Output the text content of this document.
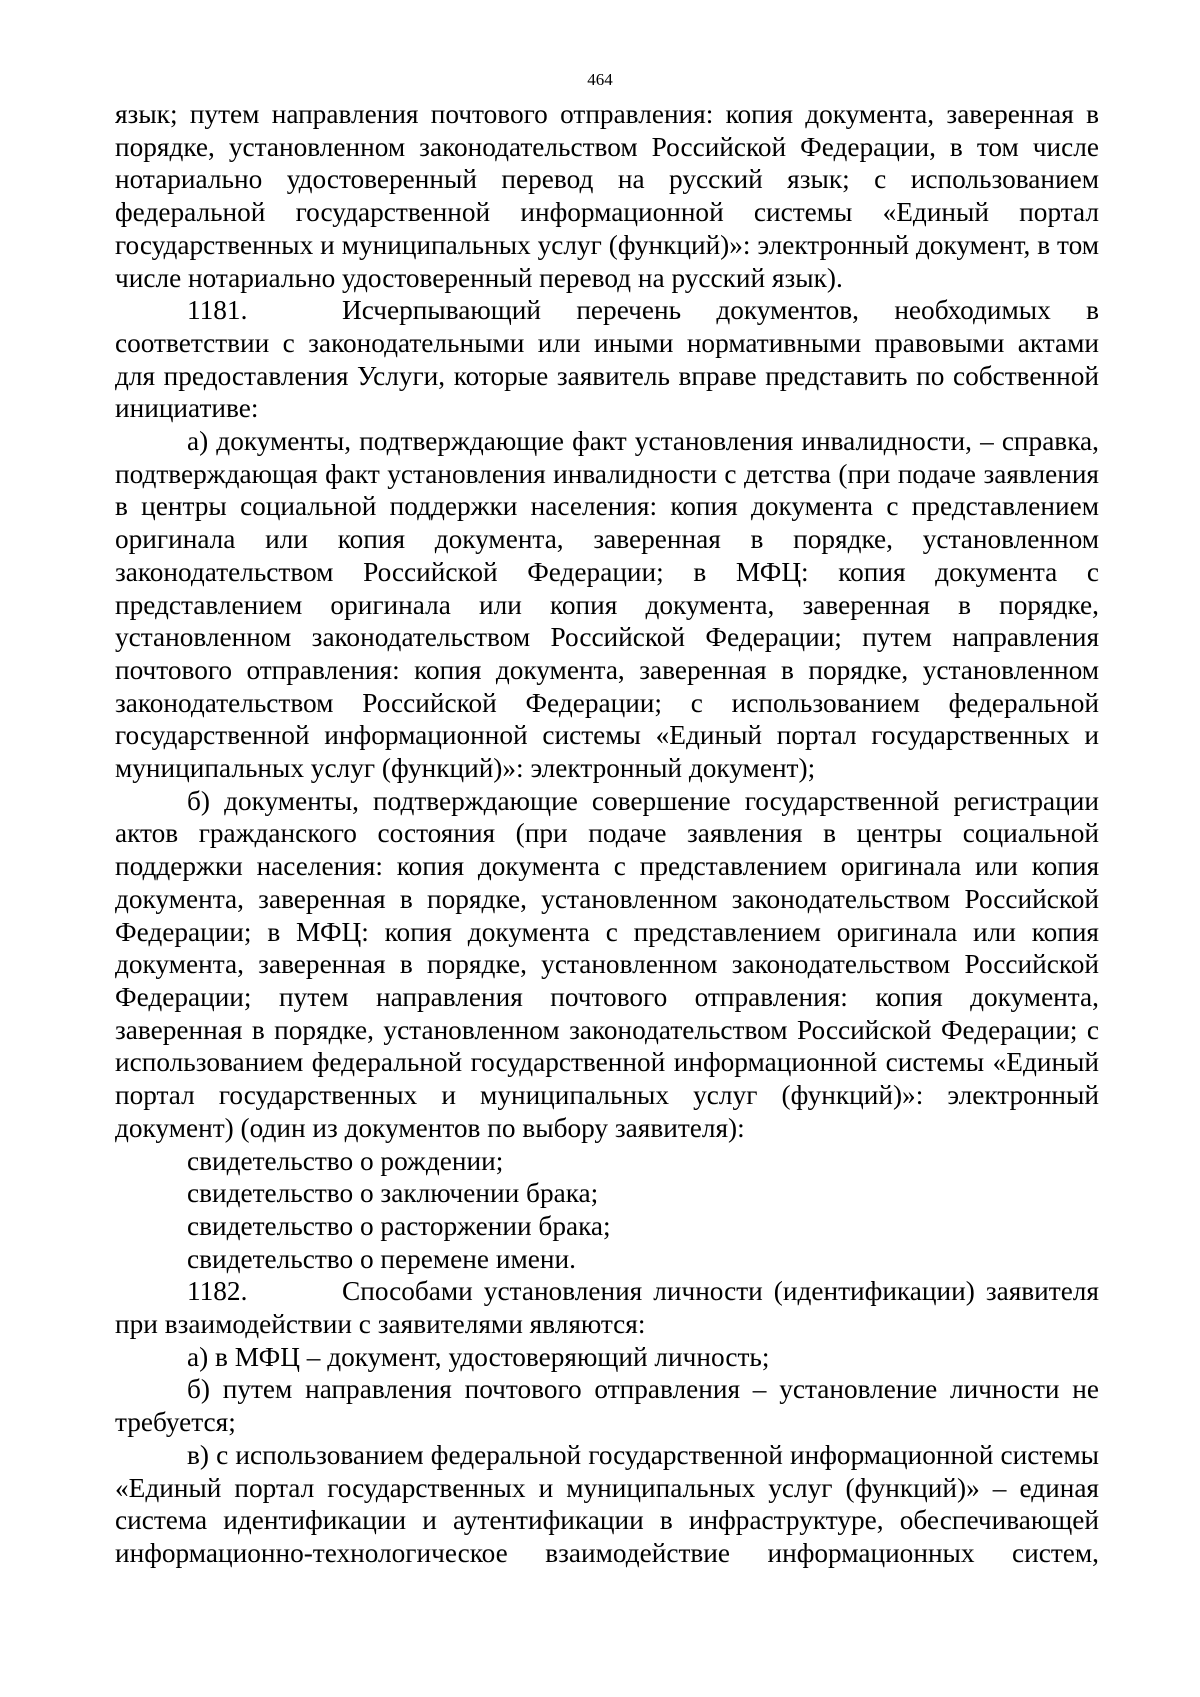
464

язык; путем направления почтового отправления: копия документа, заверенная в порядке, установленном законодательством Российской Федерации, в том числе нотариально удостоверенный перевод на русский язык; с использованием федеральной государственной информационной системы «Единый портал государственных и муниципальных услуг (функций)»: электронный документ, в том числе нотариально удостоверенный перевод на русский язык).

1181.	Исчерпывающий перечень документов, необходимых в соответствии с законодательными или иными нормативными правовыми актами для предоставления Услуги, которые заявитель вправе представить по собственной инициативе:

а) документы, подтверждающие факт установления инвалидности, – справка, подтверждающая факт установления инвалидности с детства (при подаче заявления в центры социальной поддержки населения: копия документа с представлением оригинала или копия документа, заверенная в порядке, установленном законодательством Российской Федерации; в МФЦ: копия документа с представлением оригинала или копия документа, заверенная в порядке, установленном законодательством Российской Федерации; путем направления почтового отправления: копия документа, заверенная в порядке, установленном законодательством Российской Федерации; с использованием федеральной государственной информационной системы «Единый портал государственных и муниципальных услуг (функций)»: электронный документ);

б) документы, подтверждающие совершение государственной регистрации актов гражданского состояния (при подаче заявления в центры социальной поддержки населения: копия документа с представлением оригинала или копия документа, заверенная в порядке, установленном законодательством Российской Федерации; в МФЦ: копия документа с представлением оригинала или копия документа, заверенная в порядке, установленном законодательством Российской Федерации; путем направления почтового отправления: копия документа, заверенная в порядке, установленном законодательством Российской Федерации; с использованием федеральной государственной информационной системы «Единый портал государственных и муниципальных услуг (функций)»: электронный документ) (один из документов по выбору заявителя):

свидетельство о рождении;

свидетельство о заключении брака;

свидетельство о расторжении брака;

свидетельство о перемене имени.

1182.	Способами установления личности (идентификации) заявителя при взаимодействии с заявителями являются:

а) в МФЦ – документ, удостоверяющий личность;

б) путем направления почтового отправления – установление личности не требуется;

в) с использованием федеральной государственной информационной системы «Единый портал государственных и муниципальных услуг (функций)» – единая система идентификации и аутентификации в инфраструктуре, обеспечивающей информационно-технологическое взаимодействие информационных систем,
